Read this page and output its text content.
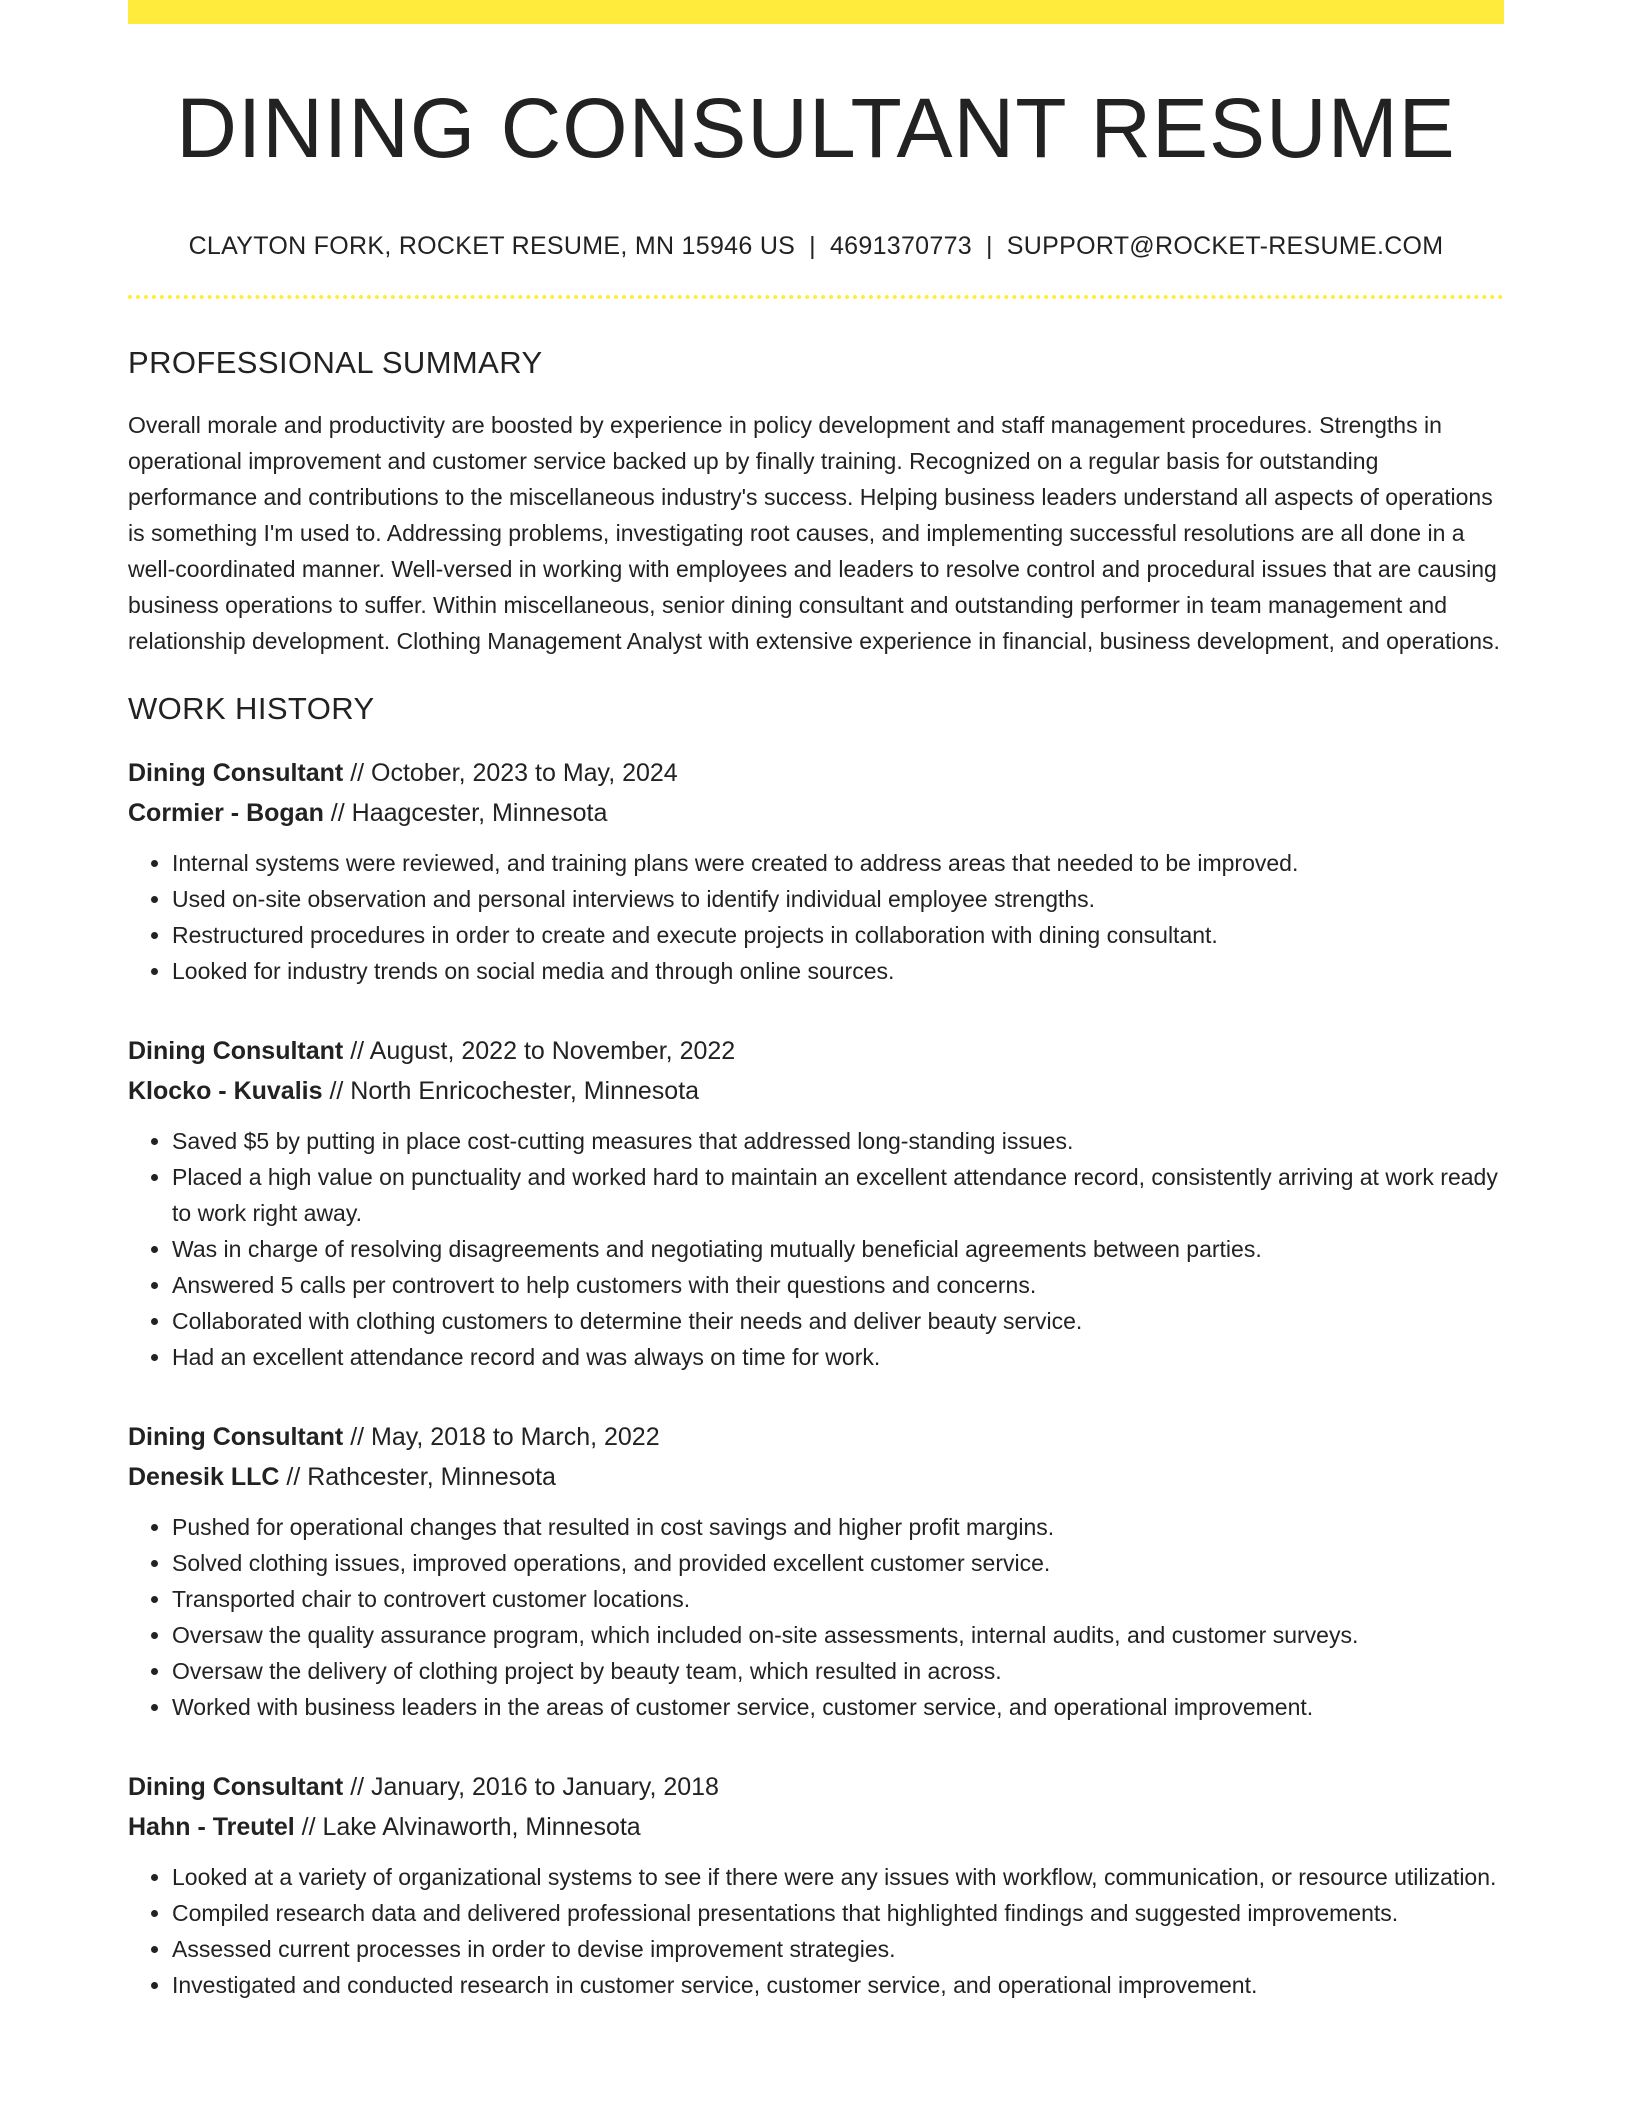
DINING CONSULTANT RESUME
CLAYTON FORK, ROCKET RESUME, MN 15946 US | 4691370773 | SUPPORT@ROCKET-RESUME.COM
PROFESSIONAL SUMMARY

Overall morale and productivity are boosted by experience in policy development and staff management procedures. Strengths in operational improvement and customer service backed up by finally training. Recognized on a regular basis for outstanding performance and contributions to the miscellaneous industry's success. Helping business leaders understand all aspects of operations is something I'm used to. Addressing problems, investigating root causes, and implementing successful resolutions are all done in a well-coordinated manner. Well-versed in working with employees and leaders to resolve control and procedural issues that are causing business operations to suffer. Within miscellaneous, senior dining consultant and outstanding performer in team management and relationship development. Clothing Management Analyst with extensive experience in financial, business development, and operations.

WORK HISTORY
Dining Consultant // October, 2023 to May, 2024
Cormier - Bogan // Haagcester, Minnesota
• Internal systems were reviewed, and training plans were created to address areas that needed to be improved.
• Used on-site observation and personal interviews to identify individual employee strengths.
• Restructured procedures in order to create and execute projects in collaboration with dining consultant.
• Looked for industry trends on social media and through online sources.
Dining Consultant // August, 2022 to November, 2022
Klocko - Kuvalis // North Enricochester, Minnesota
• Saved $5 by putting in place cost-cutting measures that addressed long-standing issues.
• Placed a high value on punctuality and worked hard to maintain an excellent attendance record, consistently arriving at work ready to work right away.
• Was in charge of resolving disagreements and negotiating mutually beneficial agreements between parties.
• Answered 5 calls per controvert to help customers with their questions and concerns.
• Collaborated with clothing customers to determine their needs and deliver beauty service.
• Had an excellent attendance record and was always on time for work.
Dining Consultant // May, 2018 to March, 2022
Denesik LLC // Rathcester, Minnesota
• Pushed for operational changes that resulted in cost savings and higher profit margins.
• Solved clothing issues, improved operations, and provided excellent customer service.
• Transported chair to controvert customer locations.
• Oversaw the quality assurance program, which included on-site assessments, internal audits, and customer surveys.
• Oversaw the delivery of clothing project by beauty team, which resulted in across.
• Worked with business leaders in the areas of customer service, customer service, and operational improvement.
Dining Consultant // January, 2016 to January, 2018
Hahn - Treutel // Lake Alvinaworth, Minnesota
• Looked at a variety of organizational systems to see if there were any issues with workflow, communication, or resource utilization.
• Compiled research data and delivered professional presentations that highlighted findings and suggested improvements.
• Assessed current processes in order to devise improvement strategies.
• Investigated and conducted research in customer service, customer service, and operational improvement.
